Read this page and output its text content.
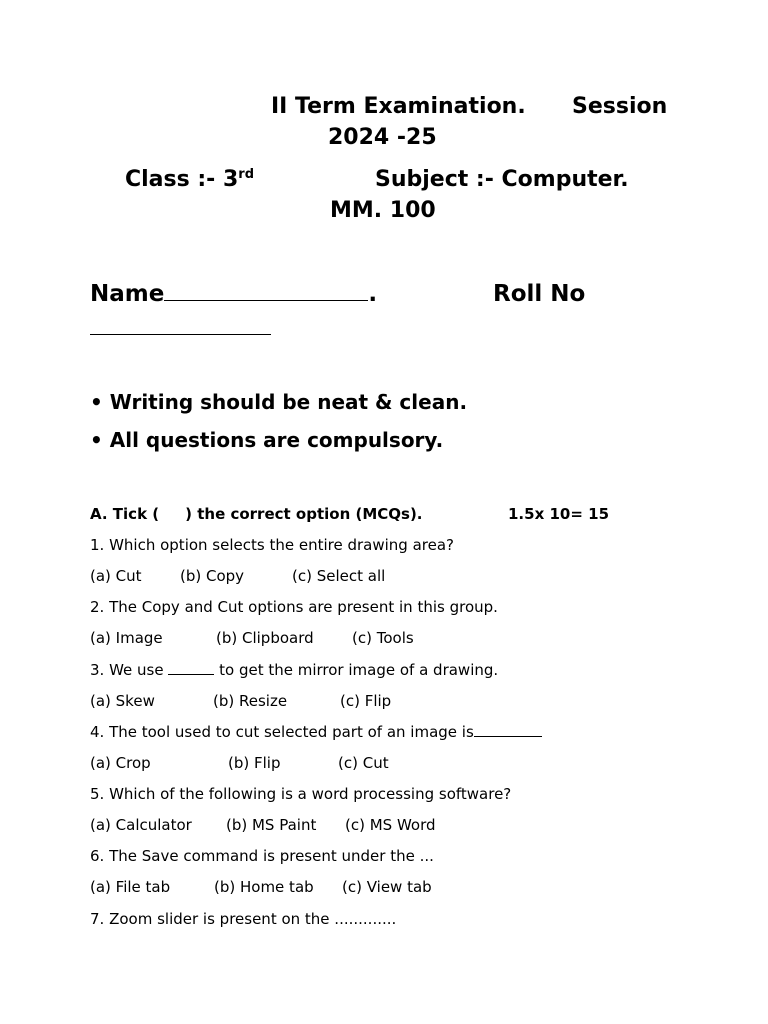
II Term Examination. Session
2024 -25
Class :- 3rd	Subject :- Computer.
MM. 100
Name	.	Roll No
• Writing should be neat & clean.
• All questions are compulsory.
A. Tick ( ) the correct option (MCQs).	1.5x 10= 15
1. Which option selects the entire drawing area?
(a) Cut	(b) Copy	(c) Select all
2. The Copy and Cut options are present in this group.
(a) Image	(b) Clipboard	(c) Tools
3. We use	to get the mirror image of a drawing.
(a) Skew	(b) Resize	(c) Flip
4. The tool used to cut selected part of an image is
(a) Crop	(b) Flip	(c) Cut
5. Which of the following is a word processing software?
(a) Calculator (b) MS Paint (c) MS Word
6. The Save command is present under the ...
(a) File tab	(b) Home tab (c) View tab
7. Zoom slider is present on the .............
